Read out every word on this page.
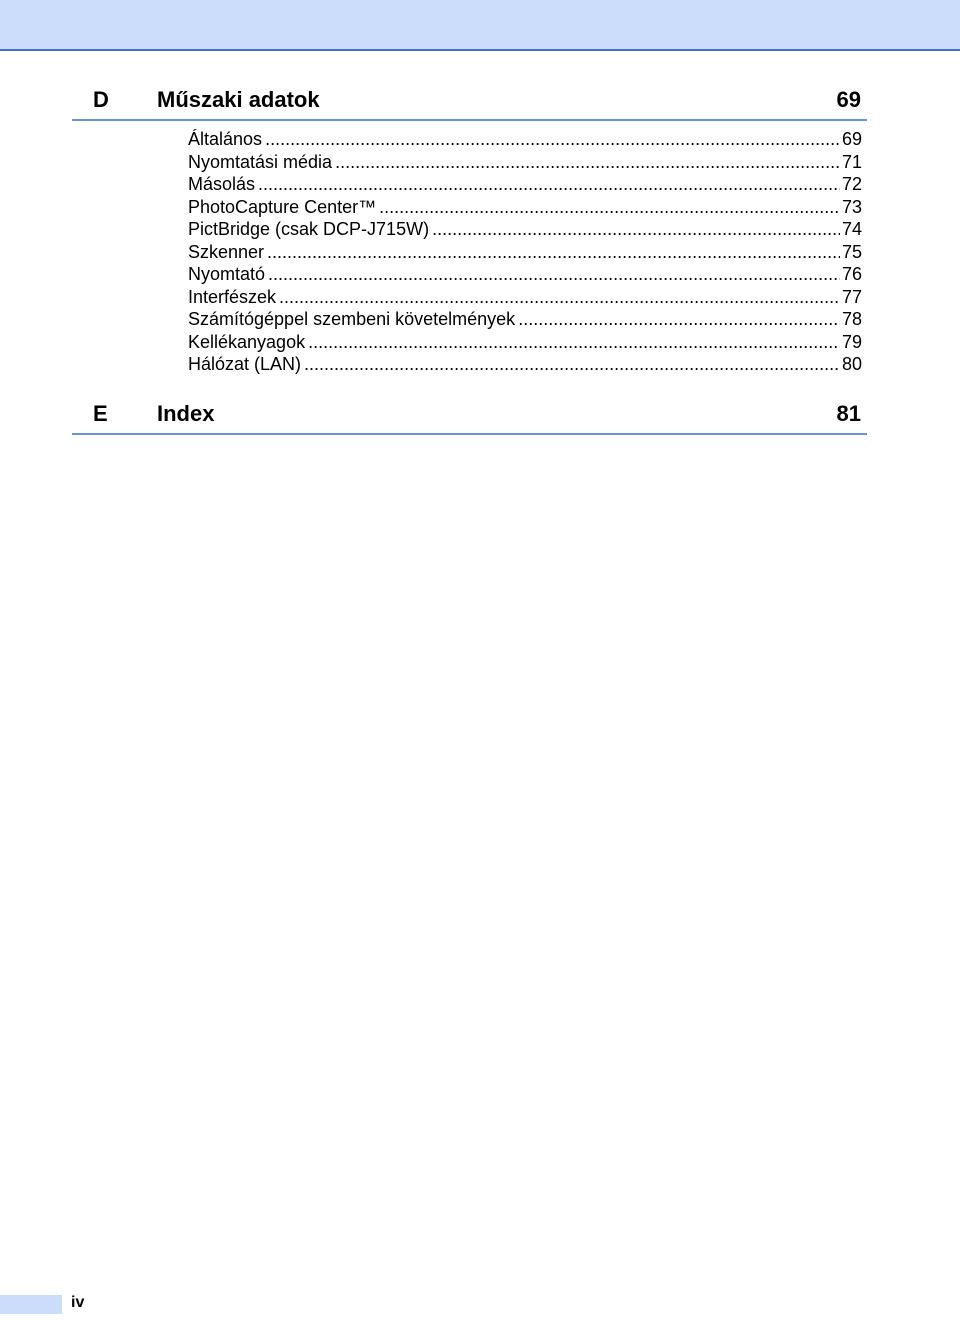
D Műszaki adatok	69
Általános .....	69
Nyomtatási média .....	71
Másolás .....	72
PhotoCapture Center™ .....	73
PictBridge (csak DCP-J715W) .....	74
Szkenner .....	75
Nyomtató .....	76
Interfészek .....	77
Számítógéppel szembeni követelmények .....	78
Kellékanyagok .....	79
Hálózat (LAN) .....	80
E Index	81
iv
